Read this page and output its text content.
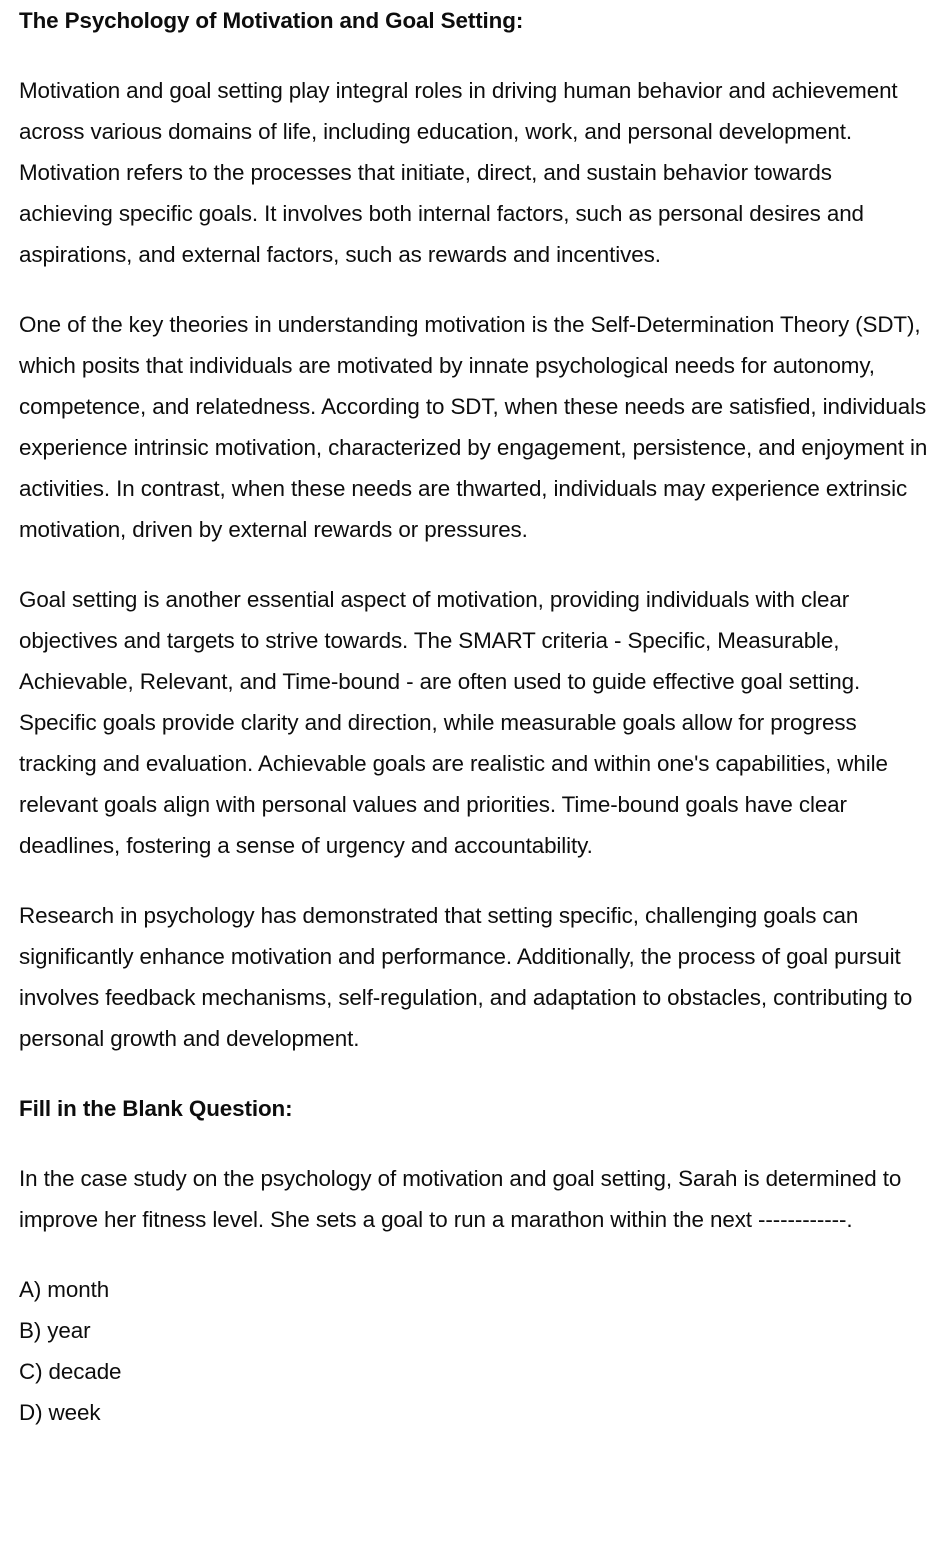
The Psychology of Motivation and Goal Setting:

Motivation and goal setting play integral roles in driving human behavior and achievement across various domains of life, including education, work, and personal development. Motivation refers to the processes that initiate, direct, and sustain behavior towards achieving specific goals. It involves both internal factors, such as personal desires and aspirations, and external factors, such as rewards and incentives.

One of the key theories in understanding motivation is the Self-Determination Theory (SDT), which posits that individuals are motivated by innate psychological needs for autonomy, competence, and relatedness. According to SDT, when these needs are satisfied, individuals experience intrinsic motivation, characterized by engagement, persistence, and enjoyment in activities. In contrast, when these needs are thwarted, individuals may experience extrinsic motivation, driven by external rewards or pressures.

Goal setting is another essential aspect of motivation, providing individuals with clear objectives and targets to strive towards. The SMART criteria - Specific, Measurable, Achievable, Relevant, and Time-bound - are often used to guide effective goal setting. Specific goals provide clarity and direction, while measurable goals allow for progress tracking and evaluation. Achievable goals are realistic and within one's capabilities, while relevant goals align with personal values and priorities. Time-bound goals have clear deadlines, fostering a sense of urgency and accountability.

Research in psychology has demonstrated that setting specific, challenging goals can significantly enhance motivation and performance. Additionally, the process of goal pursuit involves feedback mechanisms, self-regulation, and adaptation to obstacles, contributing to personal growth and development.

Fill in the Blank Question:

In the case study on the psychology of motivation and goal setting, Sarah is determined to improve her fitness level. She sets a goal to run a marathon within the next ------------.

A) month
B) year
C) decade
D) week
